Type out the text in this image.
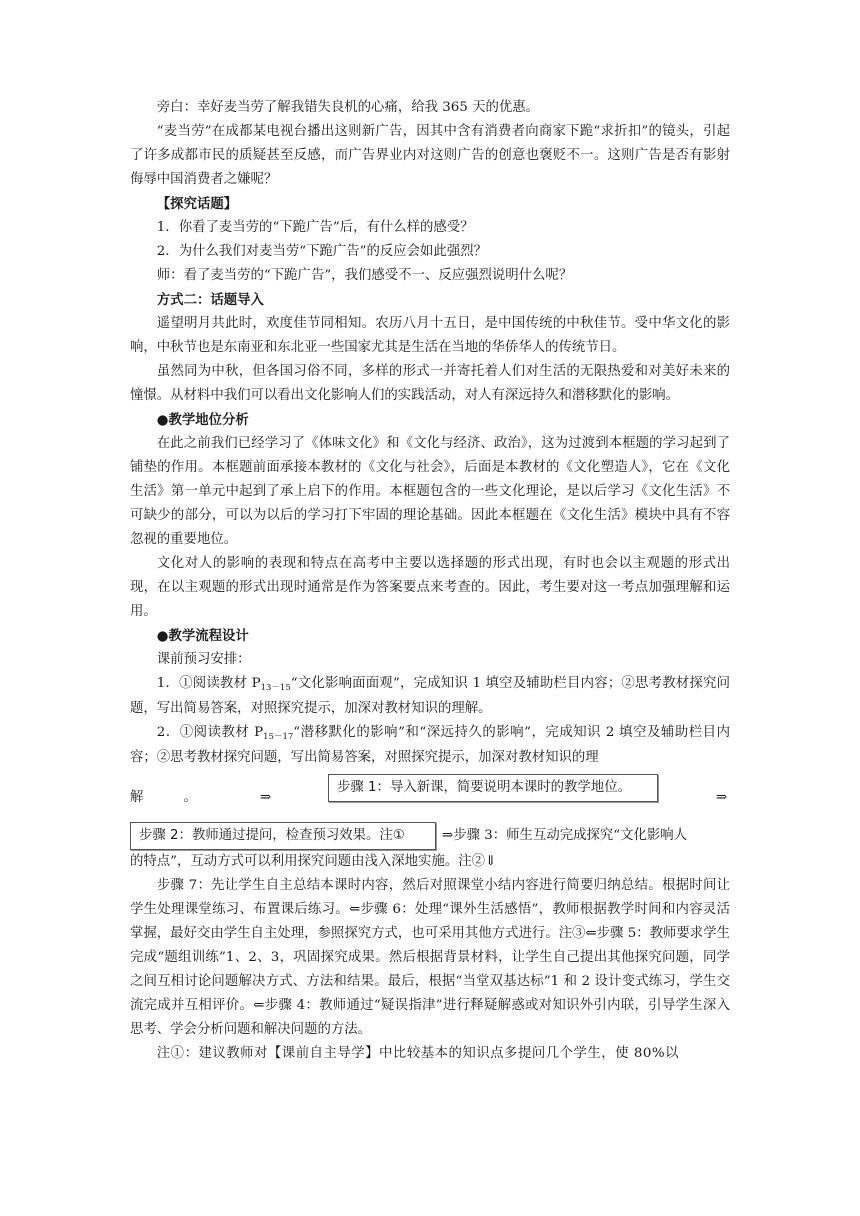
旁白：幸好麦当劳了解我错失良机的心痛，给我 365 天的优惠。

“麦当劳”在成都某电视台播出这则新广告，因其中含有消费者向商家下跪“求折扣”的镜头，引起了许多成都市民的质疑甚至反感，而广告界业内对这则广告的创意也褒贬不一。这则广告是否有影射侮辱中国消费者之嫌呢？

【探究话题】

1．你看了麦当劳的“下跪广告”后，有什么样的感受？

2．为什么我们对麦当劳“下跪广告”的反应会如此强烈？

师：看了麦当劳的“下跪广告”，我们感受不一、反应强烈说明什么呢？

方式二：话题导入

遥望明月共此时，欢度佳节同相知。农历八月十五日，是中国传统的中秋佳节。受中华文化的影响，中秋节也是东南亚和东北亚一些国家尤其是生活在当地的华侨华人的传统节日。

虽然同为中秋，但各国习俗不同，多样的形式一并寄托着人们对生活的无限热爱和对美好未来的憧憬。从材料中我们可以看出文化影响人们的实践活动，对人有深远持久和潜移默化的影响。

●教学地位分析

在此之前我们已经学习了《体味文化》和《文化与经济、政治》，这为过渡到本框题的学习起到了铺垫的作用。本框题前面承接本教材的《文化与社会》，后面是本教材的《文化塑造人》，它在《文化生活》第一单元中起到了承上启下的作用。本框题包含的一些文化理论，是以后学习《文化生活》不可缺少的部分，可以为以后的学习打下牢固的理论基础。因此本框题在《文化生活》模块中具有不容忽视的重要地位。

文化对人的影响的表现和特点在高考中主要以选择题的形式出现，有时也会以主观题的形式出现，在以主观题的形式出现时通常是作为答案要点来考查的。因此，考生要对这一考点加强理解和运用。

●教学流程设计

课前预习安排：

1．①阅读教材 $P_{13-15}“$文化影响面面观”，完成知识 1 填空及辅助栏目内容；②思考教材探究问题，写出简易答案，对照探究提示，加深对教材知识的理解。

2．①阅读教材 $P_{15-17}“$潜移默化的影响”和“深远持久的影响”，完成知识 2 填空及辅助栏目内容；②思考教材探究问题，写出简易答案，对照探究提示，加深对教材知识的理

解　　　。	⇒
步骤 1：导入新课，简要说明本课时的教学地位。
⇒
步骤 2：教师通过提问，检查预习效果。注①	⇒步骤 3：师生互动完成探究“文化影响人

的特点”，互动方式可以利用探究问题由浅入深地实施。注②⇓

步骤 7：先让学生自主总结本课时内容，然后对照课堂小结内容进行简要归纳总结。根据时间让学生处理课堂练习、布置课后练习。⇐步骤 6：处理“课外生活感悟”，教师根据教学时间和内容灵活掌握，最好交由学生自主处理，参照探究方式，也可采用其他方式进行。注③⇐步骤 5：教师要求学生完成“题组训练”1、2、3，巩固探究成果。然后根据背景材料，让学生自己提出其他探究问题，同学之间互相讨论问题解决方式、方法和结果。最后，根据“当堂双基达标”1 和 2 设计变式练习，学生交流完成并互相评价。⇐步骤 4：教师通过“疑误指津”进行释疑解惑或对知识外引内联，引导学生深入思考、学会分析问题和解决问题的方法。

注①：建议教师对【课前自主导学】中比较基本的知识点多提问几个学生，使 80%以
